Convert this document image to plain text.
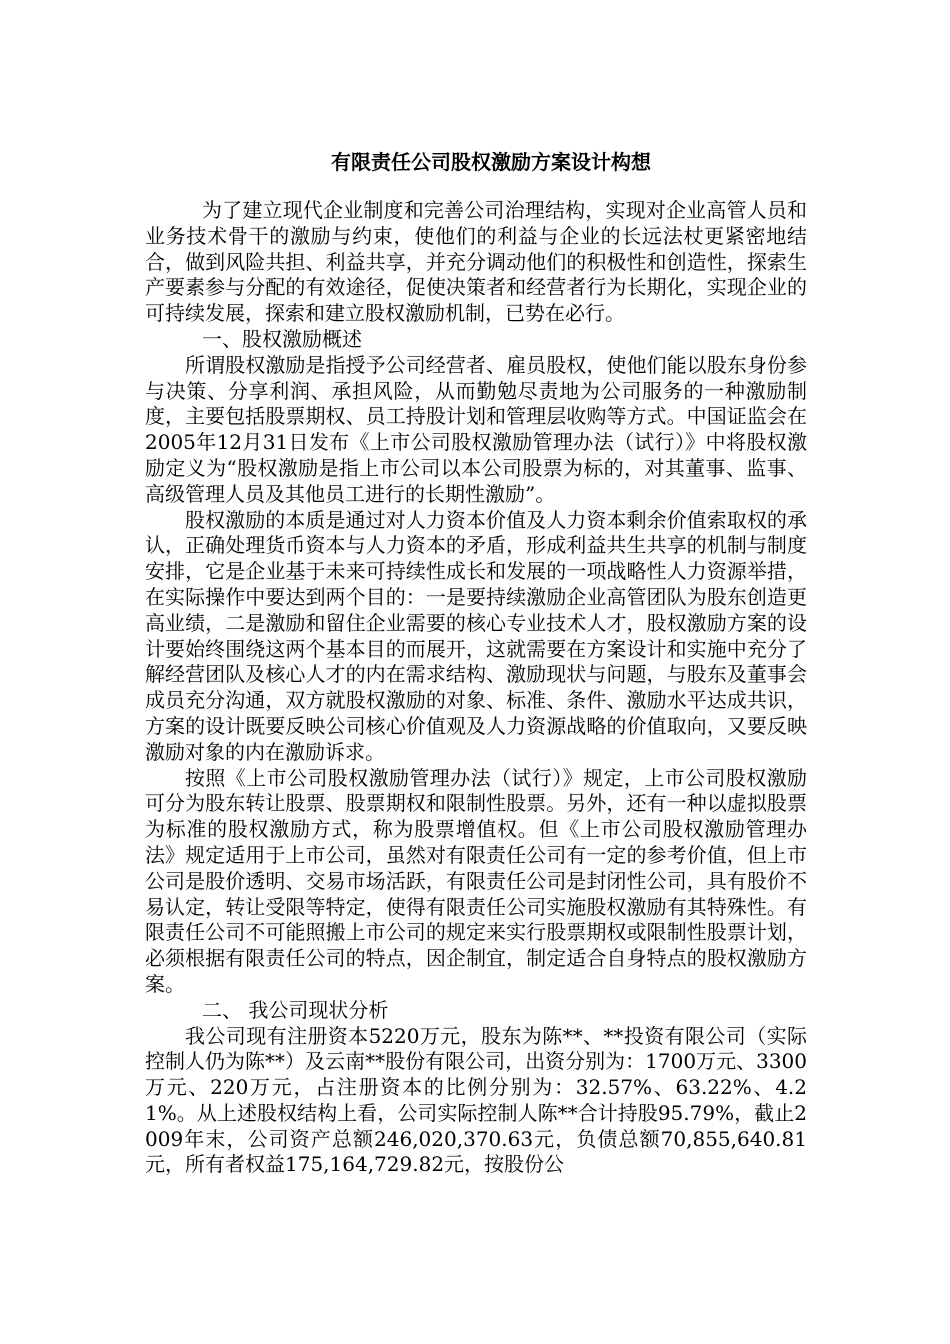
有限责任公司股权激励方案设计构想

为了建立现代企业制度和完善公司治理结构，实现对企业高管人员和业务技术骨干的激励与约束，使他们的利益与企业的长远法杖更紧密地结合，做到风险共担、利益共享，并充分调动他们的积极性和创造性，探索生产要素参与分配的有效途径，促使决策者和经营者行为长期化，实现企业的可持续发展，探索和建立股权激励机制，已势在必行。

一、股权激励概述

所谓股权激励是指授予公司经营者、雇员股权，使他们能以股东身份参与决策、分享利润、承担风险，从而勤勉尽责地为公司服务的一种激励制度，主要包括股票期权、员工持股计划和管理层收购等方式。中国证监会在2005年12月31日发布《上市公司股权激励管理办法（试行）》中将股权激励定义为“股权激励是指上市公司以本公司股票为标的，对其董事、监事、高级管理人员及其他员工进行的长期性激励”。

股权激励的本质是通过对人力资本价值及人力资本剩余价值索取权的承认，正确处理货币资本与人力资本的矛盾，形成利益共生共享的机制与制度安排，它是企业基于未来可持续性成长和发展的一项战略性人力资源举措，在实际操作中要达到两个目的：一是要持续激励企业高管团队为股东创造更高业绩，二是激励和留住企业需要的核心专业技术人才，股权激励方案的设计要始终围绕这两个基本目的而展开，这就需要在方案设计和实施中充分了解经营团队及核心人才的内在需求结构、激励现状与问题，与股东及董事会成员充分沟通，双方就股权激励的对象、标准、条件、激励水平达成共识，方案的设计既要反映公司核心价值观及人力资源战略的价值取向，又要反映激励对象的内在激励诉求。

按照《上市公司股权激励管理办法（试行）》规定，上市公司股权激励可分为股东转让股票、股票期权和限制性股票。另外，还有一种以虚拟股票为标准的股权激励方式，称为股票增值权。但《上市公司股权激励管理办法》规定适用于上市公司，虽然对有限责任公司有一定的参考价值，但上市公司是股价透明、交易市场活跃，有限责任公司是封闭性公司，具有股价不易认定，转让受限等特定，使得有限责任公司实施股权激励有其特殊性。有限责任公司不可能照搬上市公司的规定来实行股票期权或限制性股票计划，必须根据有限责任公司的特点，因企制宜，制定适合自身特点的股权激励方案。

二、 我公司现状分析

我公司现有注册资本5220万元，股东为陈**、**投资有限公司（实际控制人仍为陈**）及云南**股份有限公司，出资分别为：1700万元、3300万元、220万元，占注册资本的比例分别为：32.57%、63.22%、4.21%。从上述股权结构上看，公司实际控制人陈**合计持股95.79%，截止2009年末，公司资产总额246,020,370.63元，负债总额70,855,640.81元，所有者权益175,164,729.82元，按股份公
